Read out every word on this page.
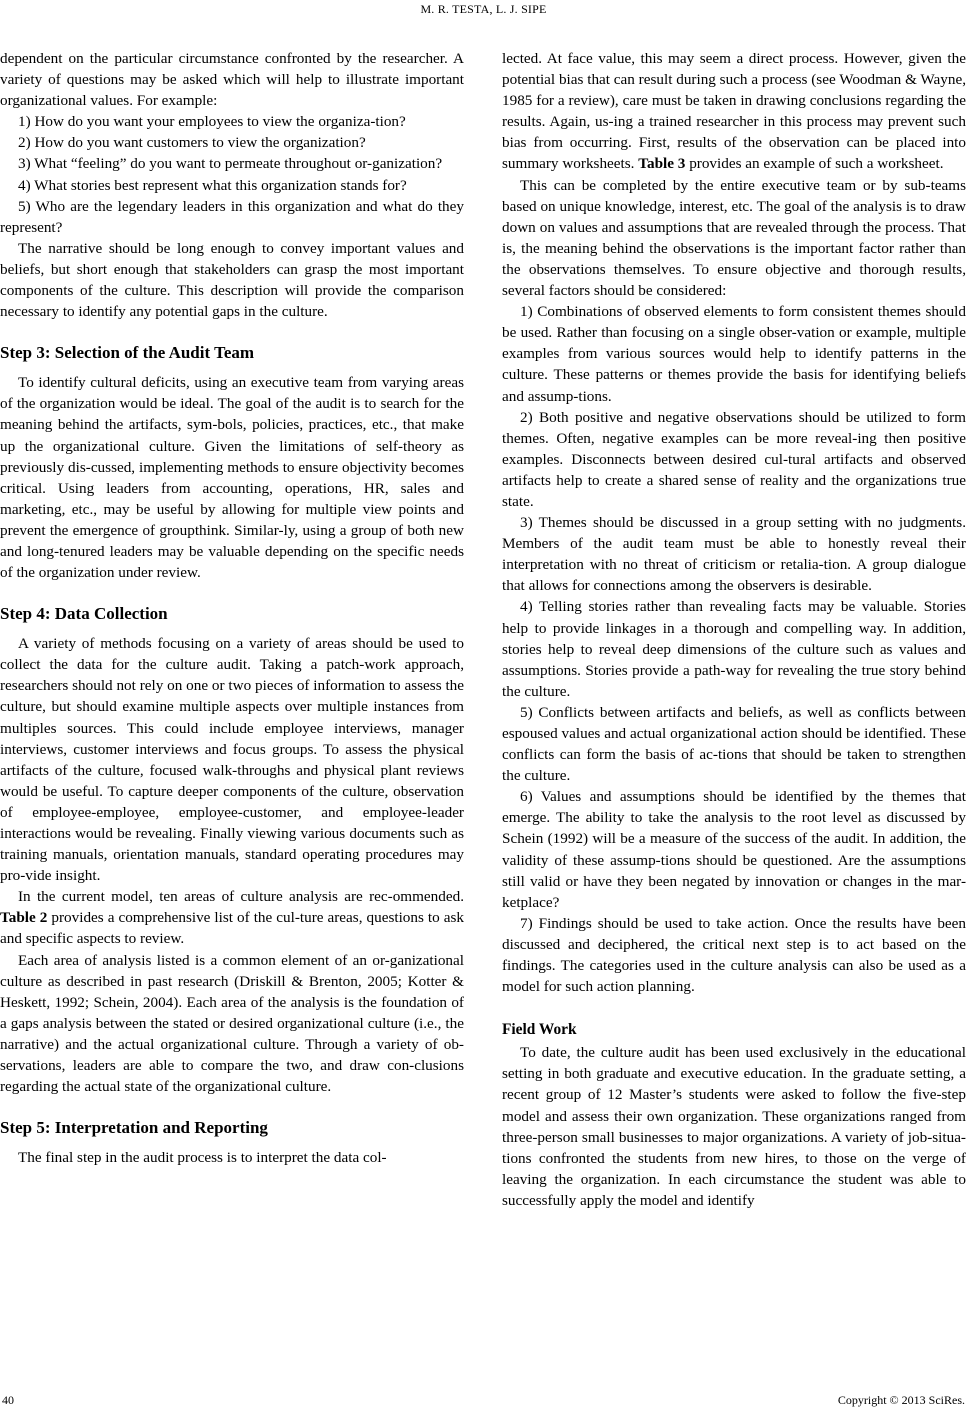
M. R. TESTA, L. J. SIPE

dependent on the particular circumstance confronted by the researcher. A variety of questions may be asked which will help to illustrate important organizational values. For example:

1) How do you want your employees to view the organiza-tion?

2) How do you want customers to view the organization?

3) What “feeling” do you want to permeate throughout or-ganization?

4) What stories best represent what this organization stands for?

5) Who are the legendary leaders in this organization and what do they represent?

The narrative should be long enough to convey important values and beliefs, but short enough that stakeholders can grasp the most important components of the culture. This description will provide the comparison necessary to identify any potential gaps in the culture.

Step 3: Selection of the Audit Team

To identify cultural deficits, using an executive team from varying areas of the organization would be ideal. The goal of the audit is to search for the meaning behind the artifacts, sym-bols, policies, practices, etc., that make up the organizational culture. Given the limitations of self-theory as previously dis-cussed, implementing methods to ensure objectivity becomes critical. Using leaders from accounting, operations, HR, sales and marketing, etc., may be useful by allowing for multiple view points and prevent the emergence of groupthink. Similar-ly, using a group of both new and long-tenured leaders may be valuable depending on the specific needs of the organization under review.

Step 4: Data Collection

A variety of methods focusing on a variety of areas should be used to collect the data for the culture audit. Taking a patch-work approach, researchers should not rely on one or two pieces of information to assess the culture, but should examine multiple aspects over multiple instances from multiples sources. This could include employee interviews, manager interviews, customer interviews and focus groups. To assess the physical artifacts of the culture, focused walk-throughs and physical plant reviews would be useful. To capture deeper components of the culture, observation of employee-employee, employee-customer, and employee-leader interactions would be revealing. Finally viewing various documents such as training manuals, orientation manuals, standard operating procedures may pro-vide insight.

In the current model, ten areas of culture analysis are rec-ommended. Table 2 provides a comprehensive list of the cul-ture areas, questions to ask and specific aspects to review.

Each area of analysis listed is a common element of an or-ganizational culture as described in past research (Driskill & Brenton, 2005; Kotter & Heskett, 1992; Schein, 2004). Each area of the analysis is the foundation of a gaps analysis between the stated or desired organizational culture (i.e., the narrative) and the actual organizational culture. Through a variety of ob-servations, leaders are able to compare the two, and draw con-clusions regarding the actual state of the organizational culture.

Step 5: Interpretation and Reporting

The final step in the audit process is to interpret the data col-

lected. At face value, this may seem a direct process. However, given the potential bias that can result during such a process (see Woodman & Wayne, 1985 for a review), care must be taken in drawing conclusions regarding the results. Again, us-ing a trained researcher in this process may prevent such bias from occurring. First, results of the observation can be placed into summary worksheets. Table 3 provides an example of such a worksheet.

This can be completed by the entire executive team or by sub-teams based on unique knowledge, interest, etc. The goal of the analysis is to draw down on values and assumptions that are revealed through the process. That is, the meaning behind the observations is the important factor rather than the observations themselves. To ensure objective and thorough results, several factors should be considered:

1) Combinations of observed elements to form consistent themes should be used. Rather than focusing on a single obser-vation or example, multiple examples from various sources would help to identify patterns in the culture. These patterns or themes provide the basis for identifying beliefs and assump-tions.

2) Both positive and negative observations should be utilized to form themes. Often, negative examples can be more reveal-ing then positive examples. Disconnects between desired cul-tural artifacts and observed artifacts help to create a shared sense of reality and the organizations true state.

3) Themes should be discussed in a group setting with no judgments. Members of the audit team must be able to honestly reveal their interpretation with no threat of criticism or retalia-tion. A group dialogue that allows for connections among the observers is desirable.

4) Telling stories rather than revealing facts may be valuable. Stories help to provide linkages in a thorough and compelling way. In addition, stories help to reveal deep dimensions of the culture such as values and assumptions. Stories provide a path-way for revealing the true story behind the culture.

5) Conflicts between artifacts and beliefs, as well as conflicts between espoused values and actual organizational action should be identified. These conflicts can form the basis of ac-tions that should be taken to strengthen the culture.

6) Values and assumptions should be identified by the themes that emerge. The ability to take the analysis to the root level as discussed by Schein (1992) will be a measure of the success of the audit. In addition, the validity of these assump-tions should be questioned. Are the assumptions still valid or have they been negated by innovation or changes in the mar-ketplace?

7) Findings should be used to take action. Once the results have been discussed and deciphered, the critical next step is to act based on the findings. The categories used in the culture analysis can also be used as a model for such action planning.

Field Work

To date, the culture audit has been used exclusively in the educational setting in both graduate and executive education. In the graduate setting, a recent group of 12 Master’s students were asked to follow the five-step model and assess their own organization. These organizations ranged from three-person small businesses to major organizations. A variety of job-situa-tions confronted the students from new hires, to those on the verge of leaving the organization. In each circumstance the student was able to successfully apply the model and identify

40	Copyright © 2013 SciRes.
